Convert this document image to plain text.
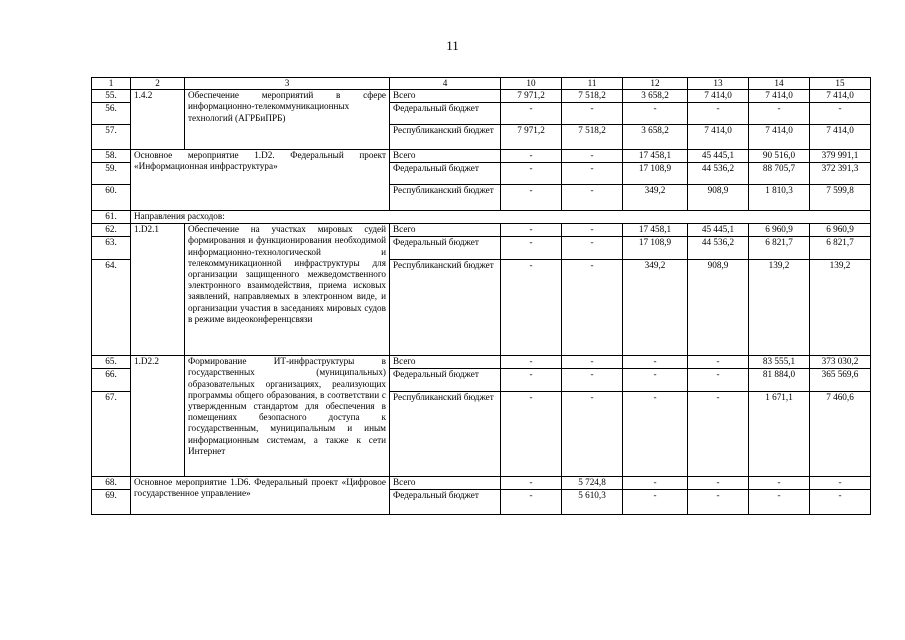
11
1	2	3	4	10	11	12	13	14	15
55.	1.4.2	Обеспечение мероприятий в сфере информационно-телекоммуникационных технологий (АГРБиПРБ)	Всего	7 971,2	7 518,2	3 658,2	7 414,0	7 414,0	7 414,0
56.			Федеральный бюджет	-	-	-	-	-	-
57.			Республиканский бюджет	7 971,2	7 518,2	3 658,2	7 414,0	7 414,0	7 414,0
58.	Основное мероприятие 1.D2. Федеральный проект «Информационная инфраструктура»		Всего	-	-	17 458,1	45 445,1	90 516,0	379 991,1
59.			Федеральный бюджет	-	-	17 108,9	44 536,2	88 705,7	372 391,3
60.			Республиканский бюджет	-	-	349,2	908,9	1 810,3	7 599,8
61.	Направления расходов:								
62.	1.D2.1	Обеспечение на участках мировых судей формирования и функционирования необходимой информационно-технологической и телекоммуникационной инфраструктуры для организации защищенного межведомственного электронного взаимодействия, приема исковых заявлений, направляемых в электронном виде, и организации участия в заседаниях мировых судов в режиме видеоконференцсвязи	Всего	-	-	17 458,1	45 445,1	6 960,9	6 960,9
63.			Федеральный бюджет	-	-	17 108,9	44 536,2	6 821,7	6 821,7
64.			Республиканский бюджет	-	-	349,2	908,9	139,2	139,2
65.	1.D2.2	Формирование ИТ-инфраструктуры в государственных (муниципальных) образовательных организациях, реализующих программы общего образования, в соответствии с утвержденным стандартом для обеспечения в помещениях безопасного доступа к государственным, муниципальным и иным информационным системам, а также к сети Интернет	Всего	-	-	-	-	83 555,1	373 030,2
66.			Федеральный бюджет	-	-	-	-	81 884,0	365 569,6
67.			Республиканский бюджет	-	-	-	-	1 671,1	7 460,6
68.	Основное мероприятие 1.D6. Федеральный проект «Цифровое государственное управление»		Всего	-	5 724,8	-	-	-	-
69.			Федеральный бюджет	-	5 610,3	-	-	-	-
